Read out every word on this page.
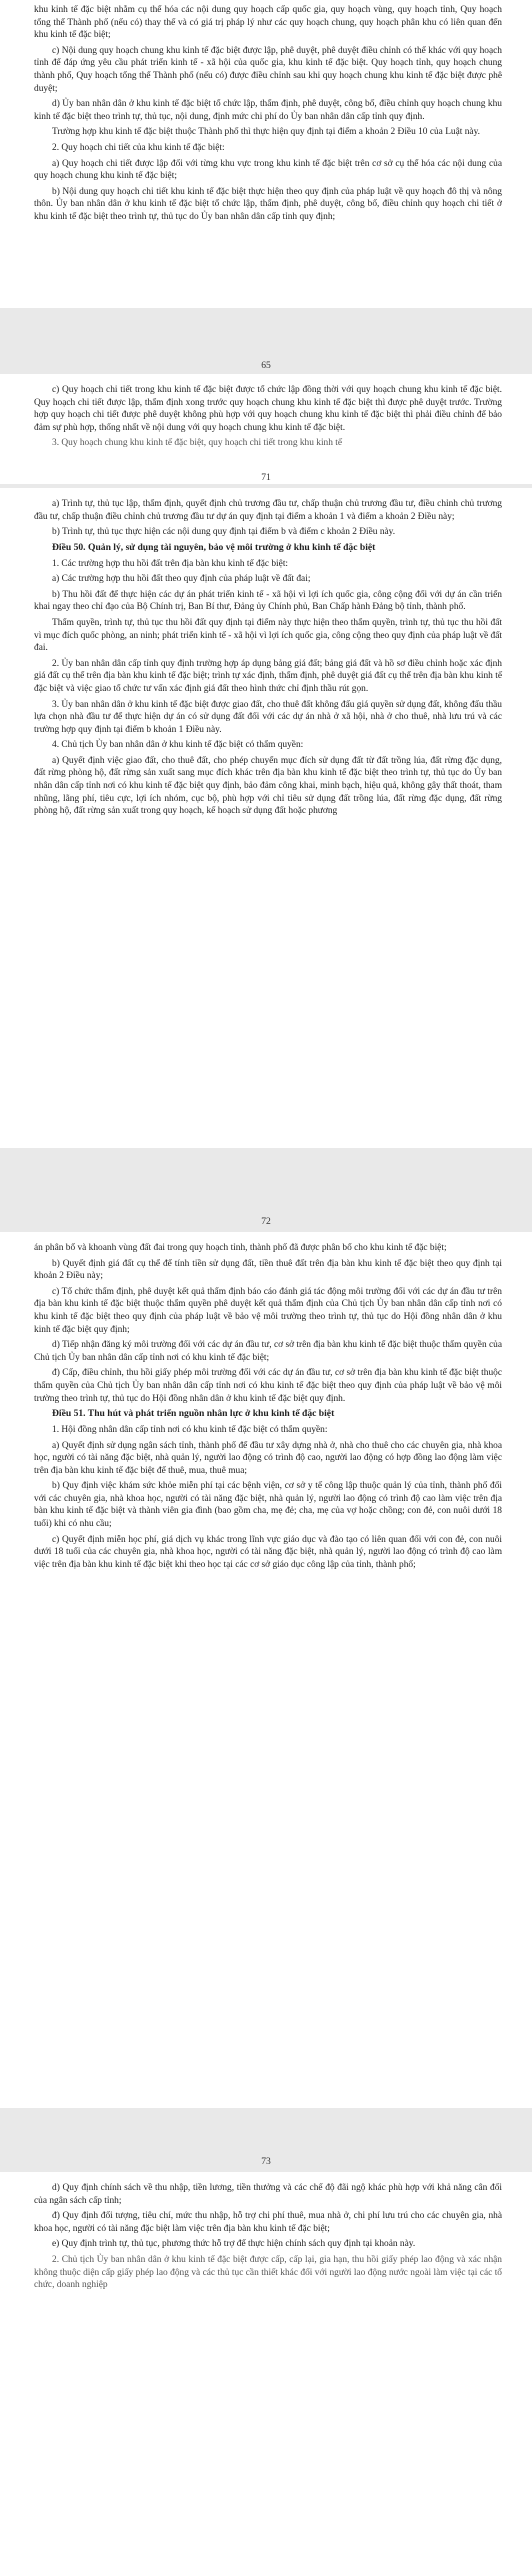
khu kinh tế đặc biệt nhằm cụ thể hóa các nội dung quy hoạch cấp quốc gia, quy hoạch vùng, quy hoạch tỉnh, Quy hoạch tổng thể Thành phố (nếu có) thay thế và có giá trị pháp lý như các quy hoạch chung, quy hoạch phân khu có liên quan đến khu kinh tế đặc biệt;

c) Nội dung quy hoạch chung khu kinh tế đặc biệt được lập, phê duyệt, phê duyệt điều chỉnh có thể khác với quy hoạch tỉnh để đáp ứng yêu cầu phát triển kinh tế - xã hội của quốc gia, khu kinh tế đặc biệt. Quy hoạch tỉnh, quy hoạch chung thành phố, Quy hoạch tổng thể Thành phố (nếu có) được điều chỉnh sau khi quy hoạch chung khu kinh tế đặc biệt được phê duyệt;

d) Ủy ban nhân dân ở khu kinh tế đặc biệt tổ chức lập, thẩm định, phê duyệt, công bố, điều chỉnh quy hoạch chung khu kinh tế đặc biệt theo trình tự, thủ tục, nội dung, định mức chi phí do Ủy ban nhân dân cấp tỉnh quy định.

Trường hợp khu kinh tế đặc biệt thuộc Thành phố thì thực hiện quy định tại điểm a khoản 2 Điều 10 của Luật này.

2. Quy hoạch chi tiết của khu kinh tế đặc biệt:

a) Quy hoạch chi tiết được lập đối với từng khu vực trong khu kinh tế đặc biệt trên cơ sở cụ thể hóa các nội dung của quy hoạch chung khu kinh tế đặc biệt;

b) Nội dung quy hoạch chi tiết khu kinh tế đặc biệt thực hiện theo quy định của pháp luật về quy hoạch đô thị và nông thôn. Ủy ban nhân dân ở khu kinh tế đặc biệt tổ chức lập, thẩm định, phê duyệt, công bố, điều chỉnh quy hoạch chi tiết ở khu kinh tế đặc biệt theo trình tự, thủ tục do Ủy ban nhân dân cấp tỉnh quy định;

65

c) Quy hoạch chi tiết trong khu kinh tế đặc biệt được tổ chức lập đồng thời với quy hoạch chung khu kinh tế đặc biệt. Quy hoạch chi tiết được lập, thẩm định xong trước quy hoạch chung khu kinh tế đặc biệt thì được phê duyệt trước. Trường hợp quy hoạch chi tiết được phê duyệt không phù hợp với quy hoạch chung khu kinh tế đặc biệt thì phải điều chỉnh để bảo đảm sự phù hợp, thống nhất về nội dung với quy hoạch chung khu kinh tế đặc biệt.

3. Quy hoạch chung khu kinh tế đặc biệt, quy hoạch chi tiết trong khu kinh tế

71

a) Trình tự, thủ tục lập, thẩm định, quyết định chủ trương đầu tư, chấp thuận chủ trương đầu tư, điều chỉnh chủ trương đầu tư, chấp thuận điều chỉnh chủ trương đầu tư dự án quy định tại điểm a khoản 1 và điểm a khoản 2 Điều này;

b) Trình tự, thủ tục thực hiện các nội dung quy định tại điểm b và điểm c khoản 2 Điều này.

Điều 50. Quản lý, sử dụng tài nguyên, bảo vệ môi trường ở khu kinh tế đặc biệt

1. Các trường hợp thu hồi đất trên địa bàn khu kinh tế đặc biệt:

a) Các trường hợp thu hồi đất theo quy định của pháp luật về đất đai;

b) Thu hồi đất để thực hiện các dự án phát triển kinh tế - xã hội vì lợi ích quốc gia, công cộng đối với dự án cần triển khai ngay theo chỉ đạo của Bộ Chính trị, Ban Bí thư, Đảng ủy Chính phủ, Ban Chấp hành Đảng bộ tỉnh, thành phố.

Thẩm quyền, trình tự, thủ tục thu hồi đất quy định tại điểm này thực hiện theo thẩm quyền, trình tự, thủ tục thu hồi đất vì mục đích quốc phòng, an ninh; phát triển kinh tế - xã hội vì lợi ích quốc gia, công cộng theo quy định của pháp luật về đất đai.

2. Ủy ban nhân dân cấp tỉnh quy định trường hợp áp dụng bảng giá đất; bảng giá đất và hồ sơ điều chỉnh hoặc xác định giá đất cụ thể trên địa bàn khu kinh tế đặc biệt; trình tự xác định, thẩm định, phê duyệt giá đất cụ thể trên địa bàn khu kinh tế đặc biệt và việc giao tổ chức tư vấn xác định giá đất theo hình thức chỉ định thầu rút gọn.

3. Ủy ban nhân dân ở khu kinh tế đặc biệt được giao đất, cho thuê đất không đấu giá quyền sử dụng đất, không đấu thầu lựa chọn nhà đầu tư để thực hiện dự án có sử dụng đất đối với các dự án nhà ở xã hội, nhà ở cho thuê, nhà lưu trú và các trường hợp quy định tại điểm b khoản 1 Điều này.

4. Chủ tịch Ủy ban nhân dân ở khu kinh tế đặc biệt có thẩm quyền:

a) Quyết định việc giao đất, cho thuê đất, cho phép chuyển mục đích sử dụng đất từ đất trồng lúa, đất rừng đặc dụng, đất rừng phòng hộ, đất rừng sản xuất sang mục đích khác trên địa bàn khu kinh tế đặc biệt theo trình tự, thủ tục do Ủy ban nhân dân cấp tỉnh nơi có khu kinh tế đặc biệt quy định, bảo đảm công khai, minh bạch, hiệu quả, không gây thất thoát, tham nhũng, lãng phí, tiêu cực, lợi ích nhóm, cục bộ, phù hợp với chỉ tiêu sử dụng đất trồng lúa, đất rừng đặc dụng, đất rừng phòng hộ, đất rừng sản xuất trong quy hoạch, kế hoạch sử dụng đất hoặc phương

72

án phân bổ và khoanh vùng đất đai trong quy hoạch tỉnh, thành phố đã được phân bổ cho khu kinh tế đặc biệt;

b) Quyết định giá đất cụ thể để tính tiền sử dụng đất, tiền thuê đất trên địa bàn khu kinh tế đặc biệt theo quy định tại khoản 2 Điều này;

c) Tổ chức thẩm định, phê duyệt kết quả thẩm định báo cáo đánh giá tác động môi trường đối với các dự án đầu tư trên địa bàn khu kinh tế đặc biệt thuộc thẩm quyền phê duyệt kết quả thẩm định của Chủ tịch Ủy ban nhân dân cấp tỉnh nơi có khu kinh tế đặc biệt theo quy định của pháp luật về bảo vệ môi trường theo trình tự, thủ tục do Hội đồng nhân dân ở khu kinh tế đặc biệt quy định;

d) Tiếp nhận đăng ký môi trường đối với các dự án đầu tư, cơ sở trên địa bàn khu kinh tế đặc biệt thuộc thẩm quyền của Chủ tịch Ủy ban nhân dân cấp tỉnh nơi có khu kinh tế đặc biệt;

đ) Cấp, điều chỉnh, thu hồi giấy phép môi trường đối với các dự án đầu tư, cơ sở trên địa bàn khu kinh tế đặc biệt thuộc thẩm quyền của Chủ tịch Ủy ban nhân dân cấp tỉnh nơi có khu kinh tế đặc biệt theo quy định của pháp luật về bảo vệ môi trường theo trình tự, thủ tục do Hội đồng nhân dân ở khu kinh tế đặc biệt quy định.

Điều 51. Thu hút và phát triển nguồn nhân lực ở khu kinh tế đặc biệt

1. Hội đồng nhân dân cấp tỉnh nơi có khu kinh tế đặc biệt có thẩm quyền:

a) Quyết định sử dụng ngân sách tỉnh, thành phố để đầu tư xây dựng nhà ở, nhà cho thuê cho các chuyên gia, nhà khoa học, người có tài năng đặc biệt, nhà quản lý, người lao động có trình độ cao, người lao động có hợp đồng lao động làm việc trên địa bàn khu kinh tế đặc biệt để thuê, mua, thuê mua;

b) Quy định việc khám sức khỏe miễn phí tại các bệnh viện, cơ sở y tế công lập thuộc quản lý của tỉnh, thành phố đối với các chuyên gia, nhà khoa học, người có tài năng đặc biệt, nhà quản lý, người lao động có trình độ cao làm việc trên địa bàn khu kinh tế đặc biệt và thành viên gia đình (bao gồm cha, mẹ đẻ; cha, mẹ của vợ hoặc chồng; con đẻ, con nuôi dưới 18 tuổi) khi có nhu cầu;

c) Quyết định miễn học phí, giá dịch vụ khác trong lĩnh vực giáo dục và đào tạo có liên quan đối với con đẻ, con nuôi dưới 18 tuổi của các chuyên gia, nhà khoa học, người có tài năng đặc biệt, nhà quản lý, người lao động có trình độ cao làm việc trên địa bàn khu kinh tế đặc biệt khi theo học tại các cơ sở giáo dục công lập của tỉnh, thành phố;

73

d) Quy định chính sách về thu nhập, tiền lương, tiền thưởng và các chế độ đãi ngộ khác phù hợp với khả năng cân đối của ngân sách cấp tỉnh;

đ) Quy định đối tượng, tiêu chí, mức thu nhập, hỗ trợ chi phí thuê, mua nhà ở, chi phí lưu trú cho các chuyên gia, nhà khoa học, người có tài năng đặc biệt làm việc trên địa bàn khu kinh tế đặc biệt;

e) Quy định trình tự, thủ tục, phương thức hỗ trợ để thực hiện chính sách quy định tại khoản này.

2. Chủ tịch Ủy ban nhân dân ở khu kinh tế đặc biệt được cấp, cấp lại, gia hạn, thu hồi giấy phép lao động và xác nhận không thuộc diện cấp giấy phép lao động và các thủ tục cần thiết khác đối với người lao động nước ngoài làm việc tại các tổ chức, doanh nghiệp
